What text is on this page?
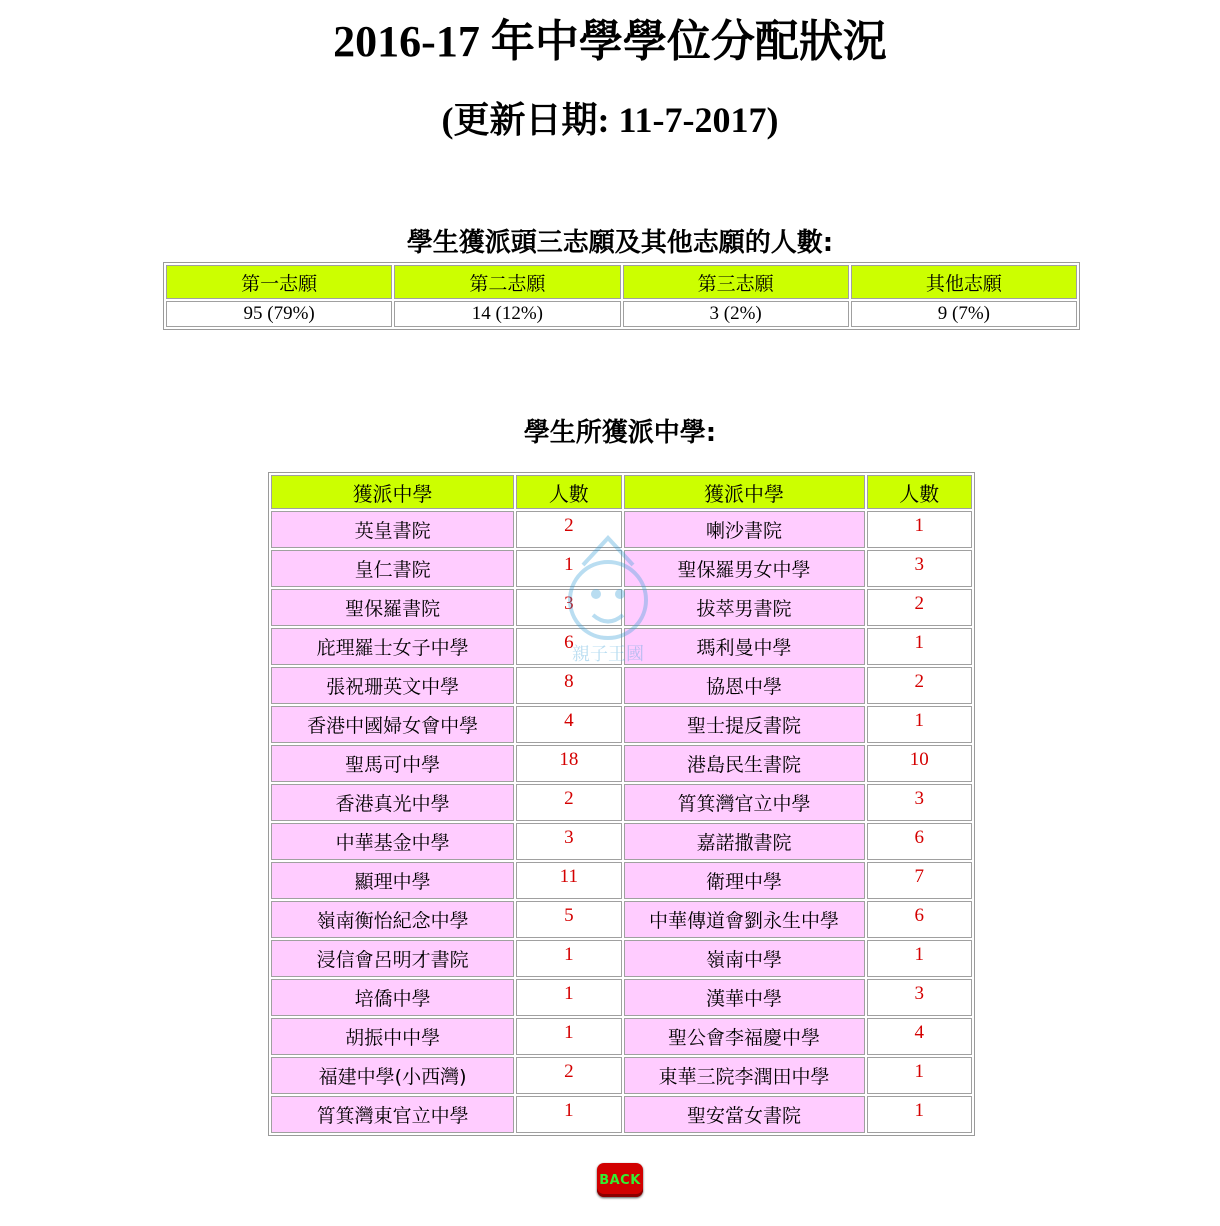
2016-17 年中學學位分配狀況
(更新日期: 11-7-2017)
學生獲派頭三志願及其他志願的人數:
第一志願	第二志願	第三志願	其他志願
95 (79%)	14 (12%)	3 (2%)	9 (7%)
學生所獲派中學:
獲派中學	人數	獲派中學	人數
英皇書院	2	喇沙書院	1
皇仁書院	1	聖保羅男女中學	3
聖保羅書院	3	拔萃男書院	2
庇理羅士女子中學	6	瑪利曼中學	1
張祝珊英文中學	8	協恩中學	2
香港中國婦女會中學	4	聖士提反書院	1
聖馬可中學	18	港島民生書院	10
香港真光中學	2	筲箕灣官立中學	3
中華基金中學	3	嘉諾撒書院	6
顯理中學	11	衛理中學	7
嶺南衡怡紀念中學	5	中華傳道會劉永生中學	6
浸信會呂明才書院	1	嶺南中學	1
培僑中學	1	漢華中學	3
胡振中中學	1	聖公會李福慶中學	4
福建中學(小西灣)	2	東華三院李潤田中學	1
筲箕灣東官立中學	1	聖安當女書院	1
親子王國
BACK
